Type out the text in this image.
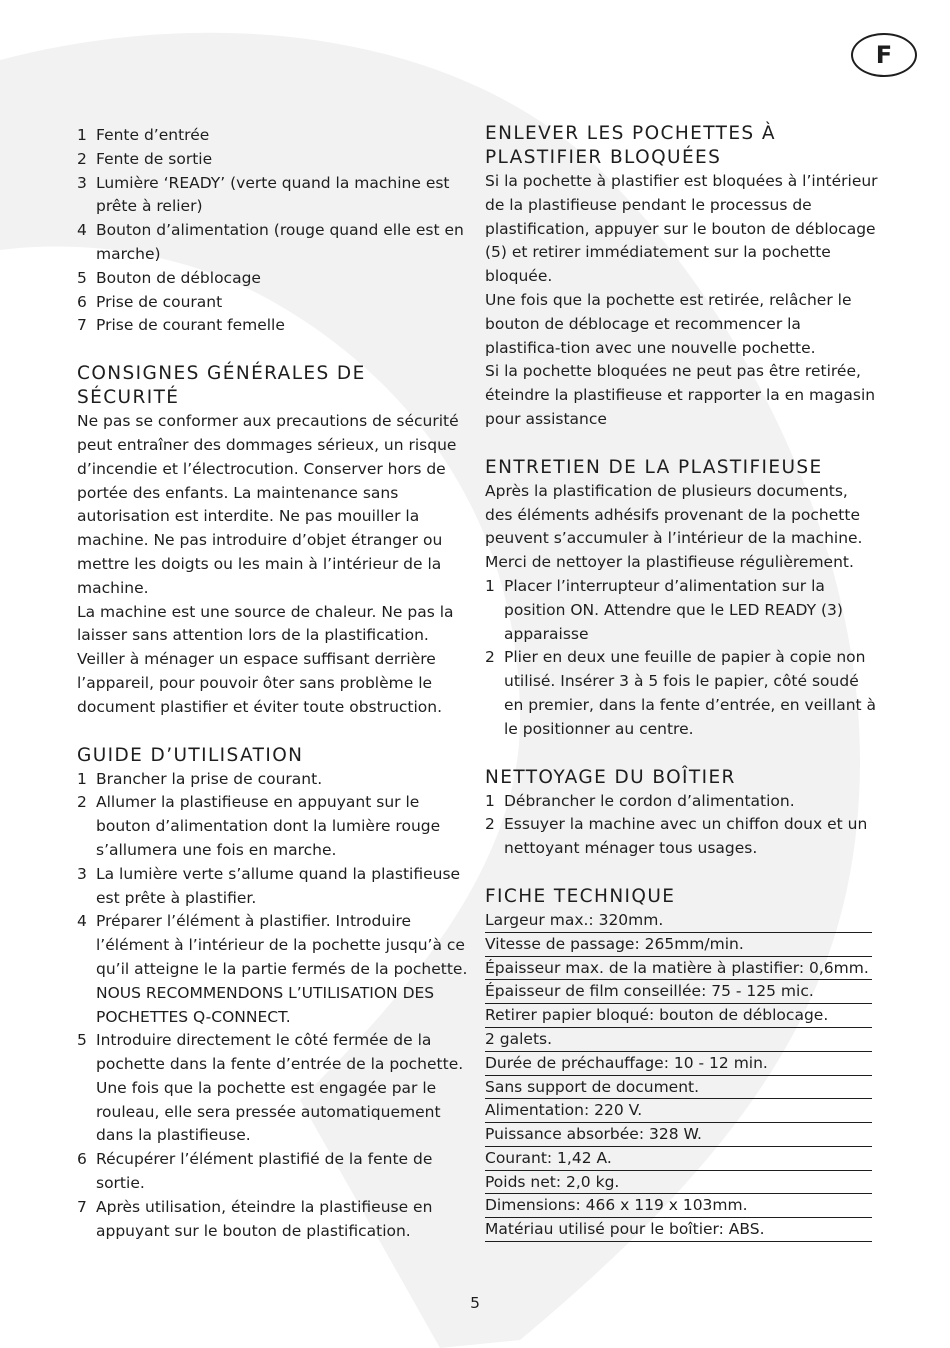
F
1 Fente d’entrée
2 Fente de sortie
3 Lumière ‘READY’ (verte quand la machine est prête à relier)
4 Bouton d’alimentation (rouge quand elle est en marche)
5 Bouton de déblocage
6 Prise de courant
7 Prise de courant femelle
CONSIGNES GÉNÉRALES DE SÉCURITÉ

Ne pas se conformer aux precautions de sécurité peut entraîner des dommages sérieux, un risque d’incendie et l’électrocution. Conserver hors de portée des enfants. La maintenance sans autorisation est interdite. Ne pas mouiller la machine. Ne pas introduire d’objet étranger ou mettre les doigts ou les main à l’intérieur de la machine.

La machine est une source de chaleur. Ne pas la laisser sans attention lors de la plastification. Veiller à ménager un espace suffisant derrière l’appareil, pour pouvoir ôter sans problème le document plastifier et éviter toute obstruction.

GUIDE D’UTILISATION
1 Brancher la prise de courant.
2 Allumer la plastifieuse en appuyant sur le bouton d’alimentation dont la lumière rouge s’allumera une fois en marche.
3 La lumière verte s’allume quand la plastifieuse est prête à plastifier.
4 Préparer l’élément à plastifier. Introduire l’élément à l’intérieur de la pochette jusqu’à ce qu’il atteigne le la partie fermés de la pochette. NOUS RECOMMENDONS L’UTILISATION DES POCHETTES Q-CONNECT.
5 Introduire directement le côté fermée de la pochette dans la fente d’entrée de la pochette. Une fois que la pochette est engagée par le rouleau, elle sera pressée automatiquement dans la plastifieuse.
6 Récupérer l’élément plastifié de la fente de sortie.
7 Après utilisation, éteindre la plastifieuse en appuyant sur le bouton de plastification.
ENLEVER LES POCHETTES À PLASTIFIER BLOQUÉES

Si la pochette à plastifier est bloquées à l’intérieur de la plastifieuse pendant le processus de plastification, appuyer sur le bouton de déblocage (5) et retirer immédiatement sur la pochette bloquée.

Une fois que la pochette est retirée, relâcher le bouton de déblocage et recommencer la plastifica-tion avec une nouvelle pochette.

Si la pochette bloquées ne peut pas être retirée, éteindre la plastifieuse et rapporter la en magasin pour assistance

ENTRETIEN DE LA PLASTIFIEUSE

Après la plastification de plusieurs documents, des éléments adhésifs provenant de la pochette peuvent s’accumuler à l’intérieur de la machine. Merci de nettoyer la plastifieuse régulièrement.

1 Placer l’interrupteur d’alimentation sur la position ON. Attendre que le LED READY (3) apparaisse
2 Plier en deux une feuille de papier à copie non utilisé. Insérer 3 à 5 fois le papier, côté soudé en premier, dans la fente d’entrée, en veillant à le positionner au centre.
NETTOYAGE DU BOÎTIER
1 Débrancher le cordon d’alimentation.
2 Essuyer la machine avec un chiffon doux et un nettoyant ménager tous usages.
FICHE TECHNIQUE
Largeur max.: 320mm.
Vitesse de passage: 265mm/min.
Épaisseur max. de la matière à plastifier: 0,6mm.
Épaisseur de film conseillée: 75 - 125 mic.
Retirer papier bloqué: bouton de déblocage.
2 galets.
Durée de préchauffage: 10 - 12 min.
Sans support de document.
Alimentation: 220 V.
Puissance absorbée: 328 W.
Courant: 1,42 A.
Poids net: 2,0 kg.
Dimensions: 466 x 119 x 103mm.
Matériau utilisé pour le boîtier: ABS.
5
